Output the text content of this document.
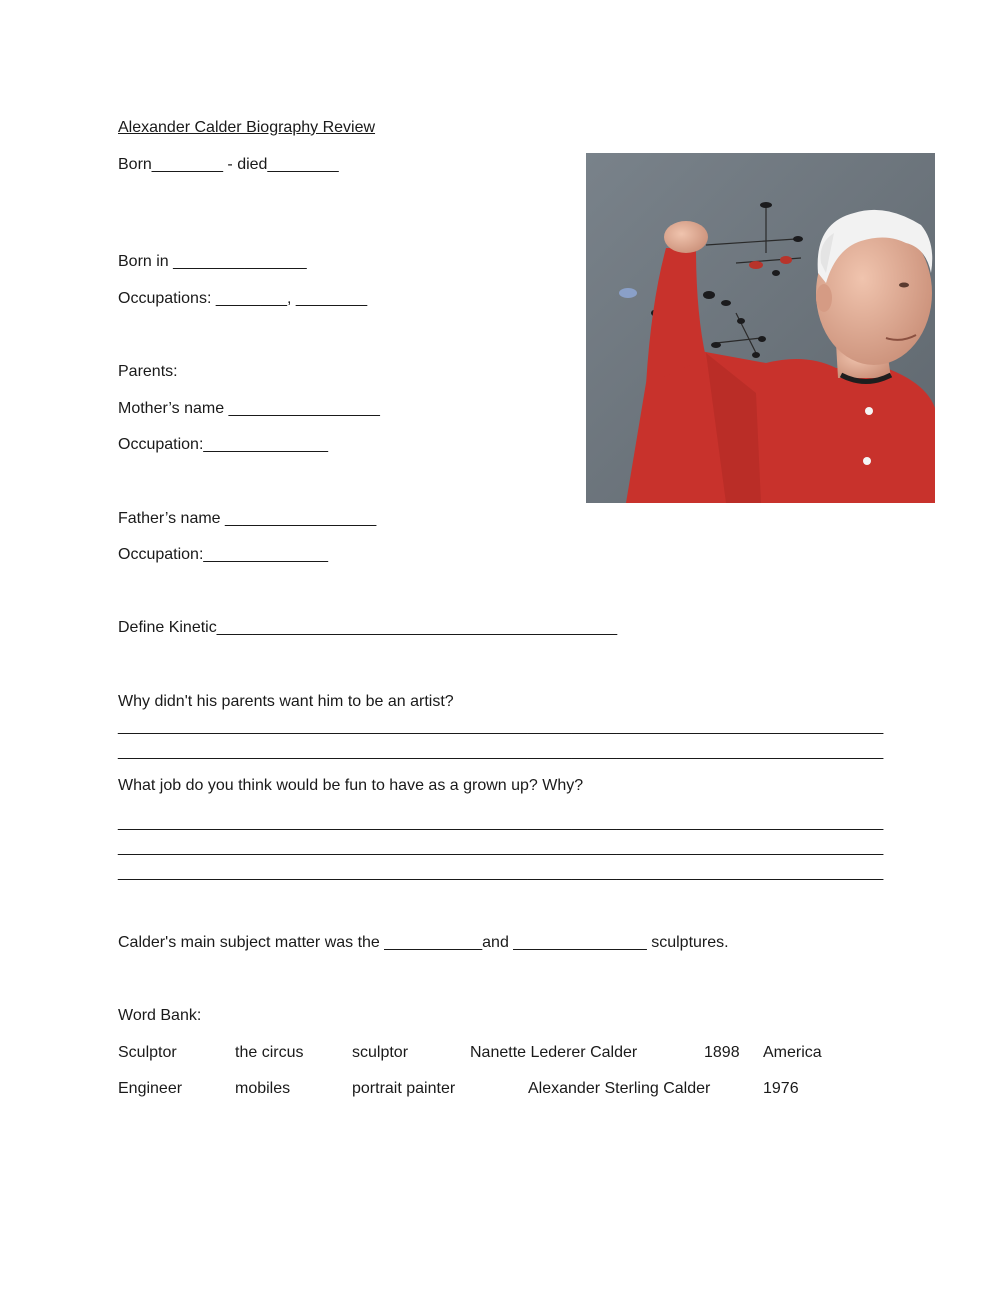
Alexander Calder Biography Review
Born________ - died________
Born in _______________
Occupations: ________, ________
Parents:
Mother’s name _________________
Occupation:______________
Father’s name _________________
Occupation:______________
Define Kinetic_____________________________________________
Why didn't his parents want him to be an artist?
______________________________________________________________________________________
______________________________________________________________________________________
What job do you think would be fun to have as a grown up? Why?
______________________________________________________________________________________
______________________________________________________________________________________
______________________________________________________________________________________
Calder's main subject matter was the ___________and _______________ sculptures.
Word Bank:
Sculptor	the circus	sculptor	Nanette Lederer Calder	1898 America
Engineer	mobiles	portrait painter	Alexander Sterling Calder	1976
